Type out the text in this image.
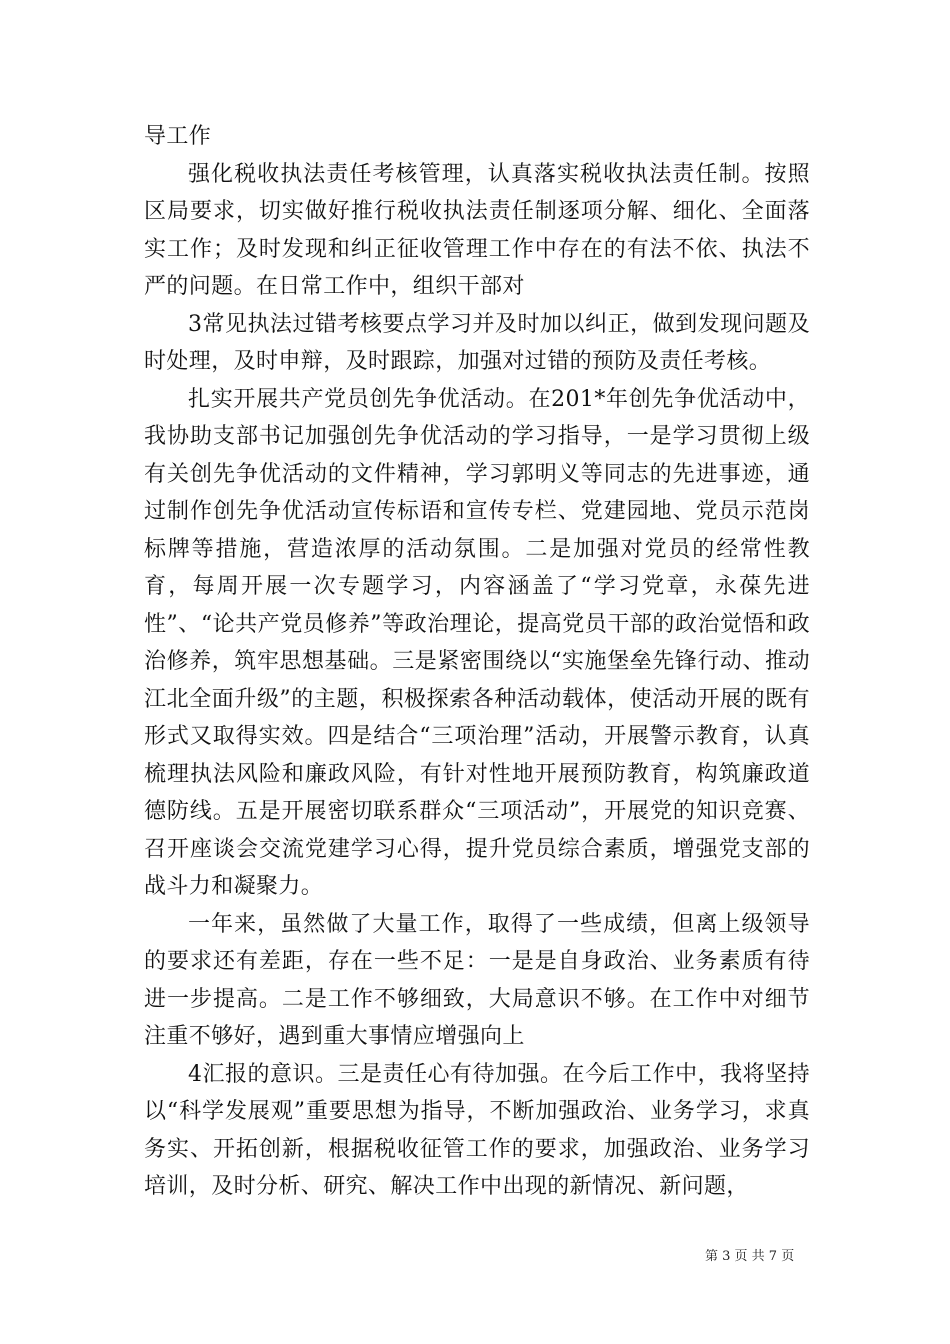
导工作

强化税收执法责任考核管理，认真落实税收执法责任制。按照区局要求，切实做好推行税收执法责任制逐项分解、细化、全面落实工作；及时发现和纠正征收管理工作中存在的有法不依、执法不严的问题。在日常工作中，组织干部对

3常见执法过错考核要点学习并及时加以纠正，做到发现问题及时处理，及时申辩，及时跟踪，加强对过错的预防及责任考核。

扎实开展共产党员创先争优活动。在201*年创先争优活动中，我协助支部书记加强创先争优活动的学习指导，一是学习贯彻上级有关创先争优活动的文件精神，学习郭明义等同志的先进事迹，通过制作创先争优活动宣传标语和宣传专栏、党建园地、党员示范岗标牌等措施，营造浓厚的活动氛围。二是加强对党员的经常性教育，每周开展一次专题学习，内容涵盖了“学习党章，永葆先进性”、“论共产党员修养”等政治理论，提高党员干部的政治觉悟和政治修养，筑牢思想基础。三是紧密围绕以“实施堡垒先锋行动、推动江北全面升级”的主题，积极探索各种活动载体，使活动开展的既有形式又取得实效。四是结合“三项治理”活动，开展警示教育，认真梳理执法风险和廉政风险，有针对性地开展预防教育，构筑廉政道德防线。五是开展密切联系群众“三项活动”，开展党的知识竞赛、召开座谈会交流党建学习心得，提升党员综合素质，增强党支部的战斗力和凝聚力。

一年来，虽然做了大量工作，取得了一些成绩，但离上级领导的要求还有差距，存在一些不足：一是是自身政治、业务素质有待进一步提高。二是工作不够细致，大局意识不够。在工作中对细节注重不够好，遇到重大事情应增强向上

4汇报的意识。三是责任心有待加强。在今后工作中，我将坚持以“科学发展观”重要思想为指导，不断加强政治、业务学习，求真务实、开拓创新，根据税收征管工作的要求，加强政治、业务学习培训，及时分析、研究、解决工作中出现的新情况、新问题，

第 3 页 共 7 页
